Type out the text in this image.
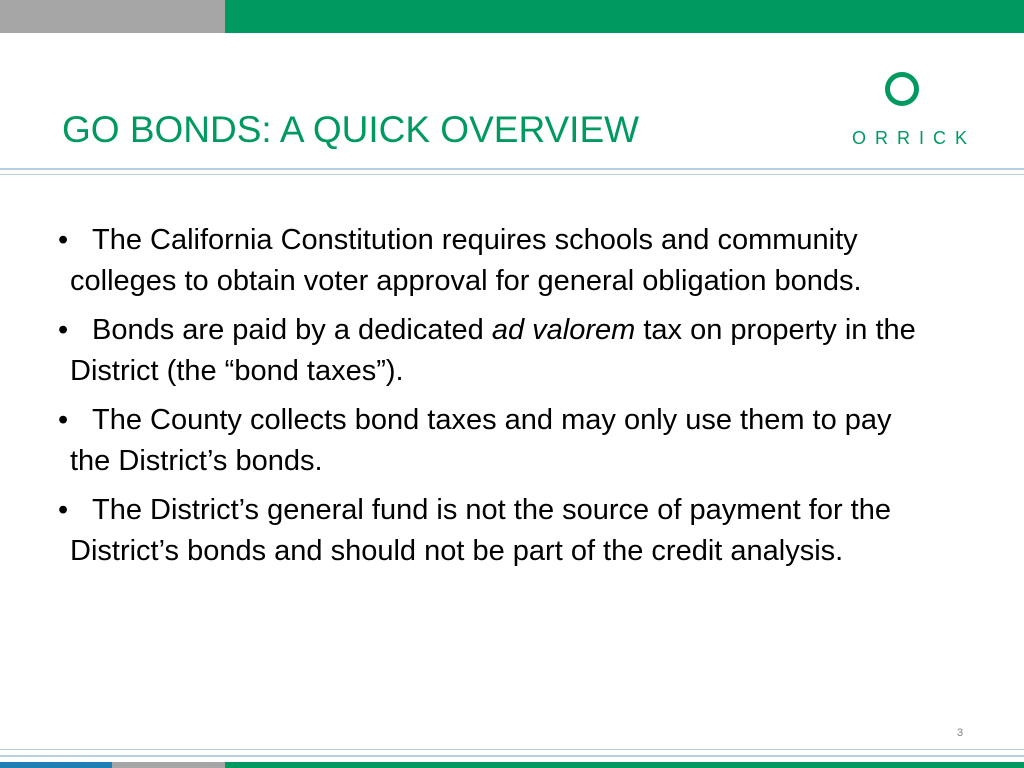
GO BONDS: A QUICK OVERVIEW	ORRICK
• The California Constitution requires schools and community colleges to obtain voter approval for general obligation bonds.
• Bonds are paid by a dedicated ad valorem tax on property in the District (the “bond taxes”).
• The County collects bond taxes and may only use them to pay the District’s bonds.
• The District’s general fund is not the source of payment for the District’s bonds and should not be part of the credit analysis.
3
